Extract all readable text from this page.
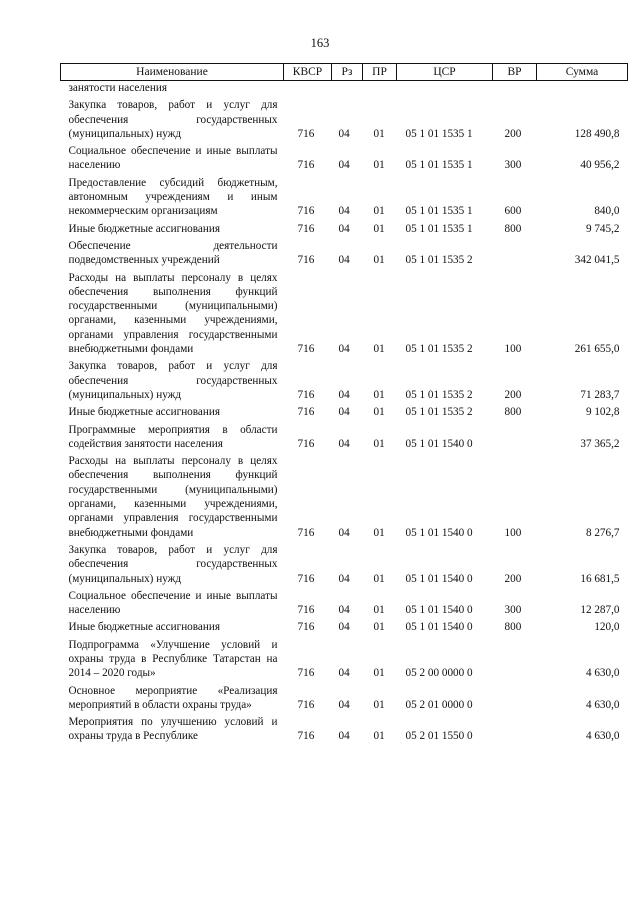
163
Наименование	КВСР	Рз	ПР	ЦСР	ВР	Сумма
занятости населения						
Закупка товаров, работ и услуг для обеспечения государственных (муниципальных) нужд	716	04	01	05 1 01 1535 1	200	128 490,8
Социальное обеспечение и иные выплаты населению	716	04	01	05 1 01 1535 1	300	40 956,2
Предоставление субсидий бюджетным, автономным учреждениям и иным некоммерческим организациям	716	04	01	05 1 01 1535 1	600	840,0
Иные бюджетные ассигнования	716	04	01	05 1 01 1535 1	800	9 745,2
Обеспечение деятельности подведомственных учреждений	716	04	01	05 1 01 1535 2		342 041,5
Расходы на выплаты персоналу в целях обеспечения выполнения функций государственными (муниципальными) органами, казенными учреждениями, органами управления государственными внебюджетными фондами	716	04	01	05 1 01 1535 2	100	261 655,0
Закупка товаров, работ и услуг для обеспечения государственных (муниципальных) нужд	716	04	01	05 1 01 1535 2	200	71 283,7
Иные бюджетные ассигнования	716	04	01	05 1 01 1535 2	800	9 102,8
Программные мероприятия в области содействия занятости населения	716	04	01	05 1 01 1540 0		37 365,2
Расходы на выплаты персоналу в целях обеспечения выполнения функций государственными (муниципальными) органами, казенными учреждениями, органами управления государственными внебюджетными фондами	716	04	01	05 1 01 1540 0	100	8 276,7
Закупка товаров, работ и услуг для обеспечения государственных (муниципальных) нужд	716	04	01	05 1 01 1540 0	200	16 681,5
Социальное обеспечение и иные выплаты населению	716	04	01	05 1 01 1540 0	300	12 287,0
Иные бюджетные ассигнования	716	04	01	05 1 01 1540 0	800	120,0
Подпрограмма «Улучшение условий и охраны труда в Республике Татарстан на 2014 – 2020 годы»	716	04	01	05 2 00 0000 0		4 630,0
Основное мероприятие «Реализация мероприятий в области охраны труда»	716	04	01	05 2 01 0000 0		4 630,0
Мероприятия по улучшению условий и охраны труда в Республике	716	04	01	05 2 01 1550 0		4 630,0
